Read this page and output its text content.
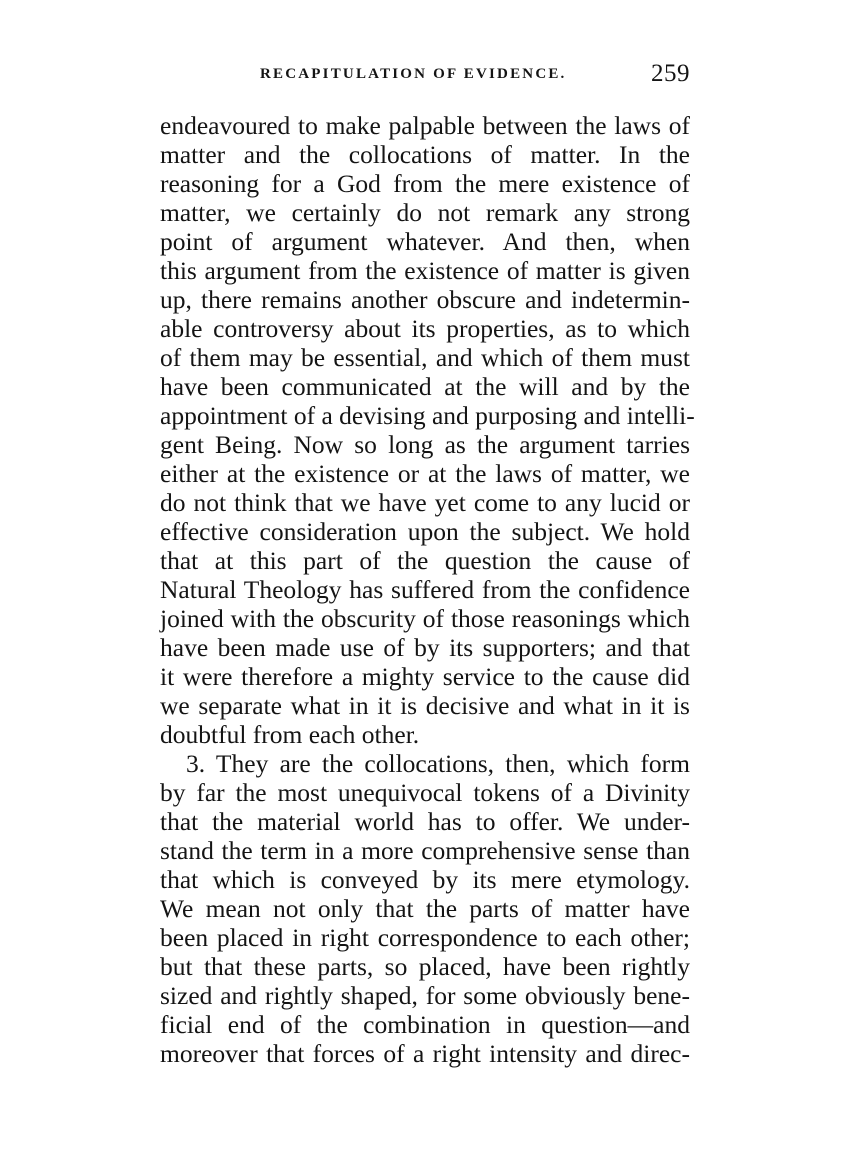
RECAPITULATION OF EVIDENCE.	259
endeavoured to make palpable between the laws of
matter and the collocations of matter. In the
reasoning for a God from the mere existence of
matter, we certainly do not remark any strong
point of argument whatever. And then, when
this argument from the existence of matter is given
up, there remains another obscure and indetermin-
able controversy about its properties, as to which
of them may be essential, and which of them must
have been communicated at the will and by the
appointment of a devising and purposing and intelli-
gent Being. Now so long as the argument tarries
either at the existence or at the laws of matter, we
do not think that we have yet come to any lucid or
effective consideration upon the subject. We hold
that at this part of the question the cause of
Natural Theology has suffered from the confidence
joined with the obscurity of those reasonings which
have been made use of by its supporters; and that
it were therefore a mighty service to the cause did
we separate what in it is decisive and what in it is
doubtful from each other.
3. They are the collocations, then, which form
by far the most unequivocal tokens of a Divinity
that the material world has to offer. We under-
stand the term in a more comprehensive sense than
that which is conveyed by its mere etymology.
We mean not only that the parts of matter have
been placed in right correspondence to each other;
but that these parts, so placed, have been rightly
sized and rightly shaped, for some obviously bene-
ficial end of the combination in question—and
moreover that forces of a right intensity and direc-
